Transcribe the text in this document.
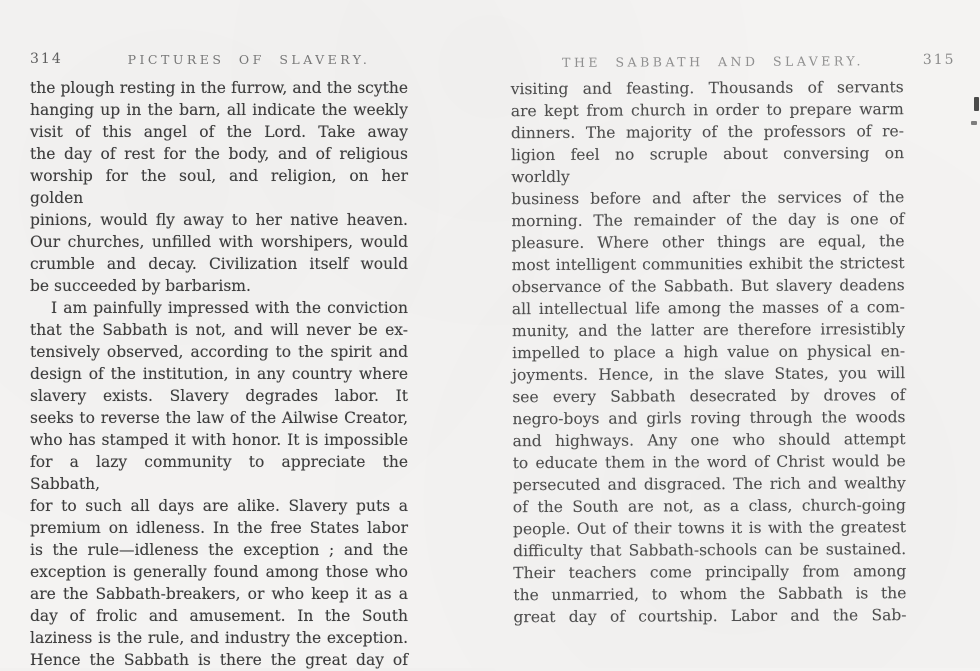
314	PICTURES OF SLAVERY.
the plough resting in the furrow, and the scythe
hanging up in the barn, all indicate the weekly
visit of this angel of the Lord. Take away
the day of rest for the body, and of religious
worship for the soul, and religion, on her golden
pinions, would fly away to her native heaven.
Our churches, unfilled with worshipers, would
crumble and decay. Civilization itself would
be succeeded by barbarism.
I am painfully impressed with the conviction
that the Sabbath is not, and will never be ex-
tensively observed, according to the spirit and
design of the institution, in any country where
slavery exists. Slavery degrades labor. It
seeks to reverse the law of the Ailwise Creator,
who has stamped it with honor. It is impossible
for a lazy community to appreciate the Sabbath,
for to such all days are alike. Slavery puts a
premium on idleness. In the free States labor
is the rule—idleness the exception ; and the
exception is generally found among those who
are the Sabbath-breakers, or who keep it as a
day of frolic and amusement. In the South
laziness is the rule, and industry the exception.
Hence the Sabbath is there the great day of
THE SABBATH AND SLAVERY.	315
visiting and feasting. Thousands of servants
are kept from church in order to prepare warm
dinners. The majority of the professors of re-
ligion feel no scruple about conversing on worldly
business before and after the services of the
morning. The remainder of the day is one of
pleasure. Where other things are equal, the
most intelligent communities exhibit the strictest
observance of the Sabbath. But slavery deadens
all intellectual life among the masses of a com-
munity, and the latter are therefore irresistibly
impelled to place a high value on physical en-
joyments. Hence, in the slave States, you will
see every Sabbath desecrated by droves of
negro-boys and girls roving through the woods
and highways. Any one who should attempt
to educate them in the word of Christ would be
persecuted and disgraced. The rich and wealthy
of the South are not, as a class, church-going
people. Out of their towns it is with the greatest
difficulty that Sabbath-schools can be sustained.
Their teachers come principally from among
the unmarried, to whom the Sabbath is the
great day of courtship. Labor and the Sab-
